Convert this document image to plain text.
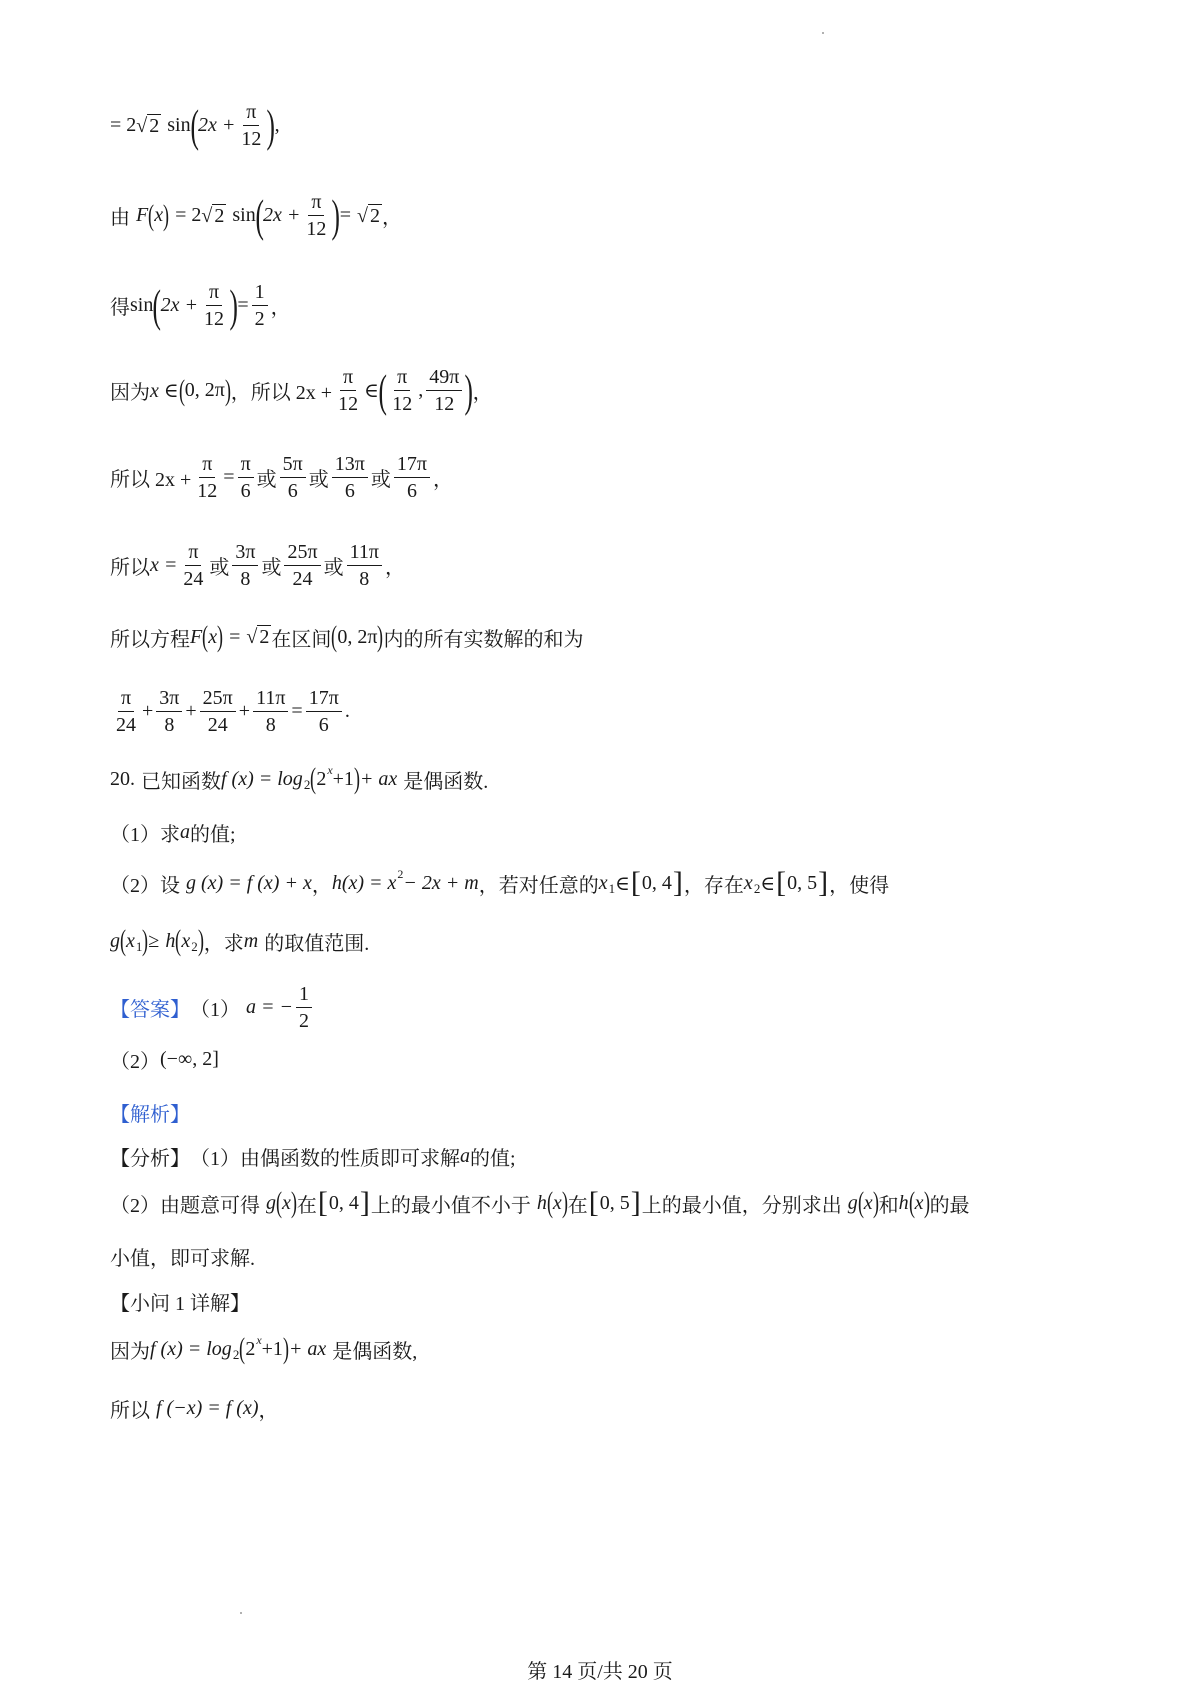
= 2 √ 2 sin ( $2x + \frac{\pi}{12}$ ) ,
由 F ( x ) = 2 √ 2 sin ( $2x + \frac{\pi}{12}$ ) = √ 2 ，
得 sin ( $2x + \frac{\pi}{12}$ ) = $\frac{1}{2}$ ，
因为 x ∈ ( 0, 2π ) ，所以 $2x + \frac{\pi}{12}$ ∈ ( $\frac{\pi}{12}$ , $\frac{49\pi}{12}$ ) ，
所以 $2x + \frac{\pi}{12} = \frac{\pi}{6}$ 或 $\frac{5\pi}{6}$ 或 $\frac{13\pi}{6}$ 或 $\frac{17\pi}{6}$ ，
所以 $x = \frac{\pi}{24}$ 或 $\frac{3\pi}{8}$ 或 $\frac{25\pi}{24}$ 或 $\frac{11\pi}{8}$ ，
所以方程 F ( x ) = √ 2 在区间 ( 0, 2π ) 内的所有实数解的和为
$\frac{\pi}{24} + \frac{3\pi}{8} + \frac{25\pi}{24} + \frac{11\pi}{8} = \frac{17\pi}{6}$ .
20. 已知函数 f (x) = log 2 ( 2 x +1 ) + ax 是偶函数.
（1）求 a 的值;
（2）设 g (x) = f (x) + x ， h(x) = x 2 − 2x + m ，若对任意的 x 1 ∈ [ 0, 4 ] ，存在 x 2 ∈ [ 0, 5 ] ，使得
g ( x 1 ) ≥ h ( x 2 ) ，求 m 的取值范围.
【答案】 （1） a = − $\frac{1}{2}$
（2） (−∞, 2]
【解析】
【分析】 （1）由偶函数的性质即可求解 a 的值;
（2）由题意可得 g ( x ) 在 [ 0, 4 ] 上的最小值不小于 h ( x ) 在 [ 0, 5 ] 上的最小值，分别求出 g ( x ) 和 h ( x ) 的最
小值，即可求解.
【小问 1 详解】
因为 f (x) = log 2 ( 2 x +1 ) + ax 是偶函数,
所以 f (−x) = f (x) ，
第 14 页/共 20 页
